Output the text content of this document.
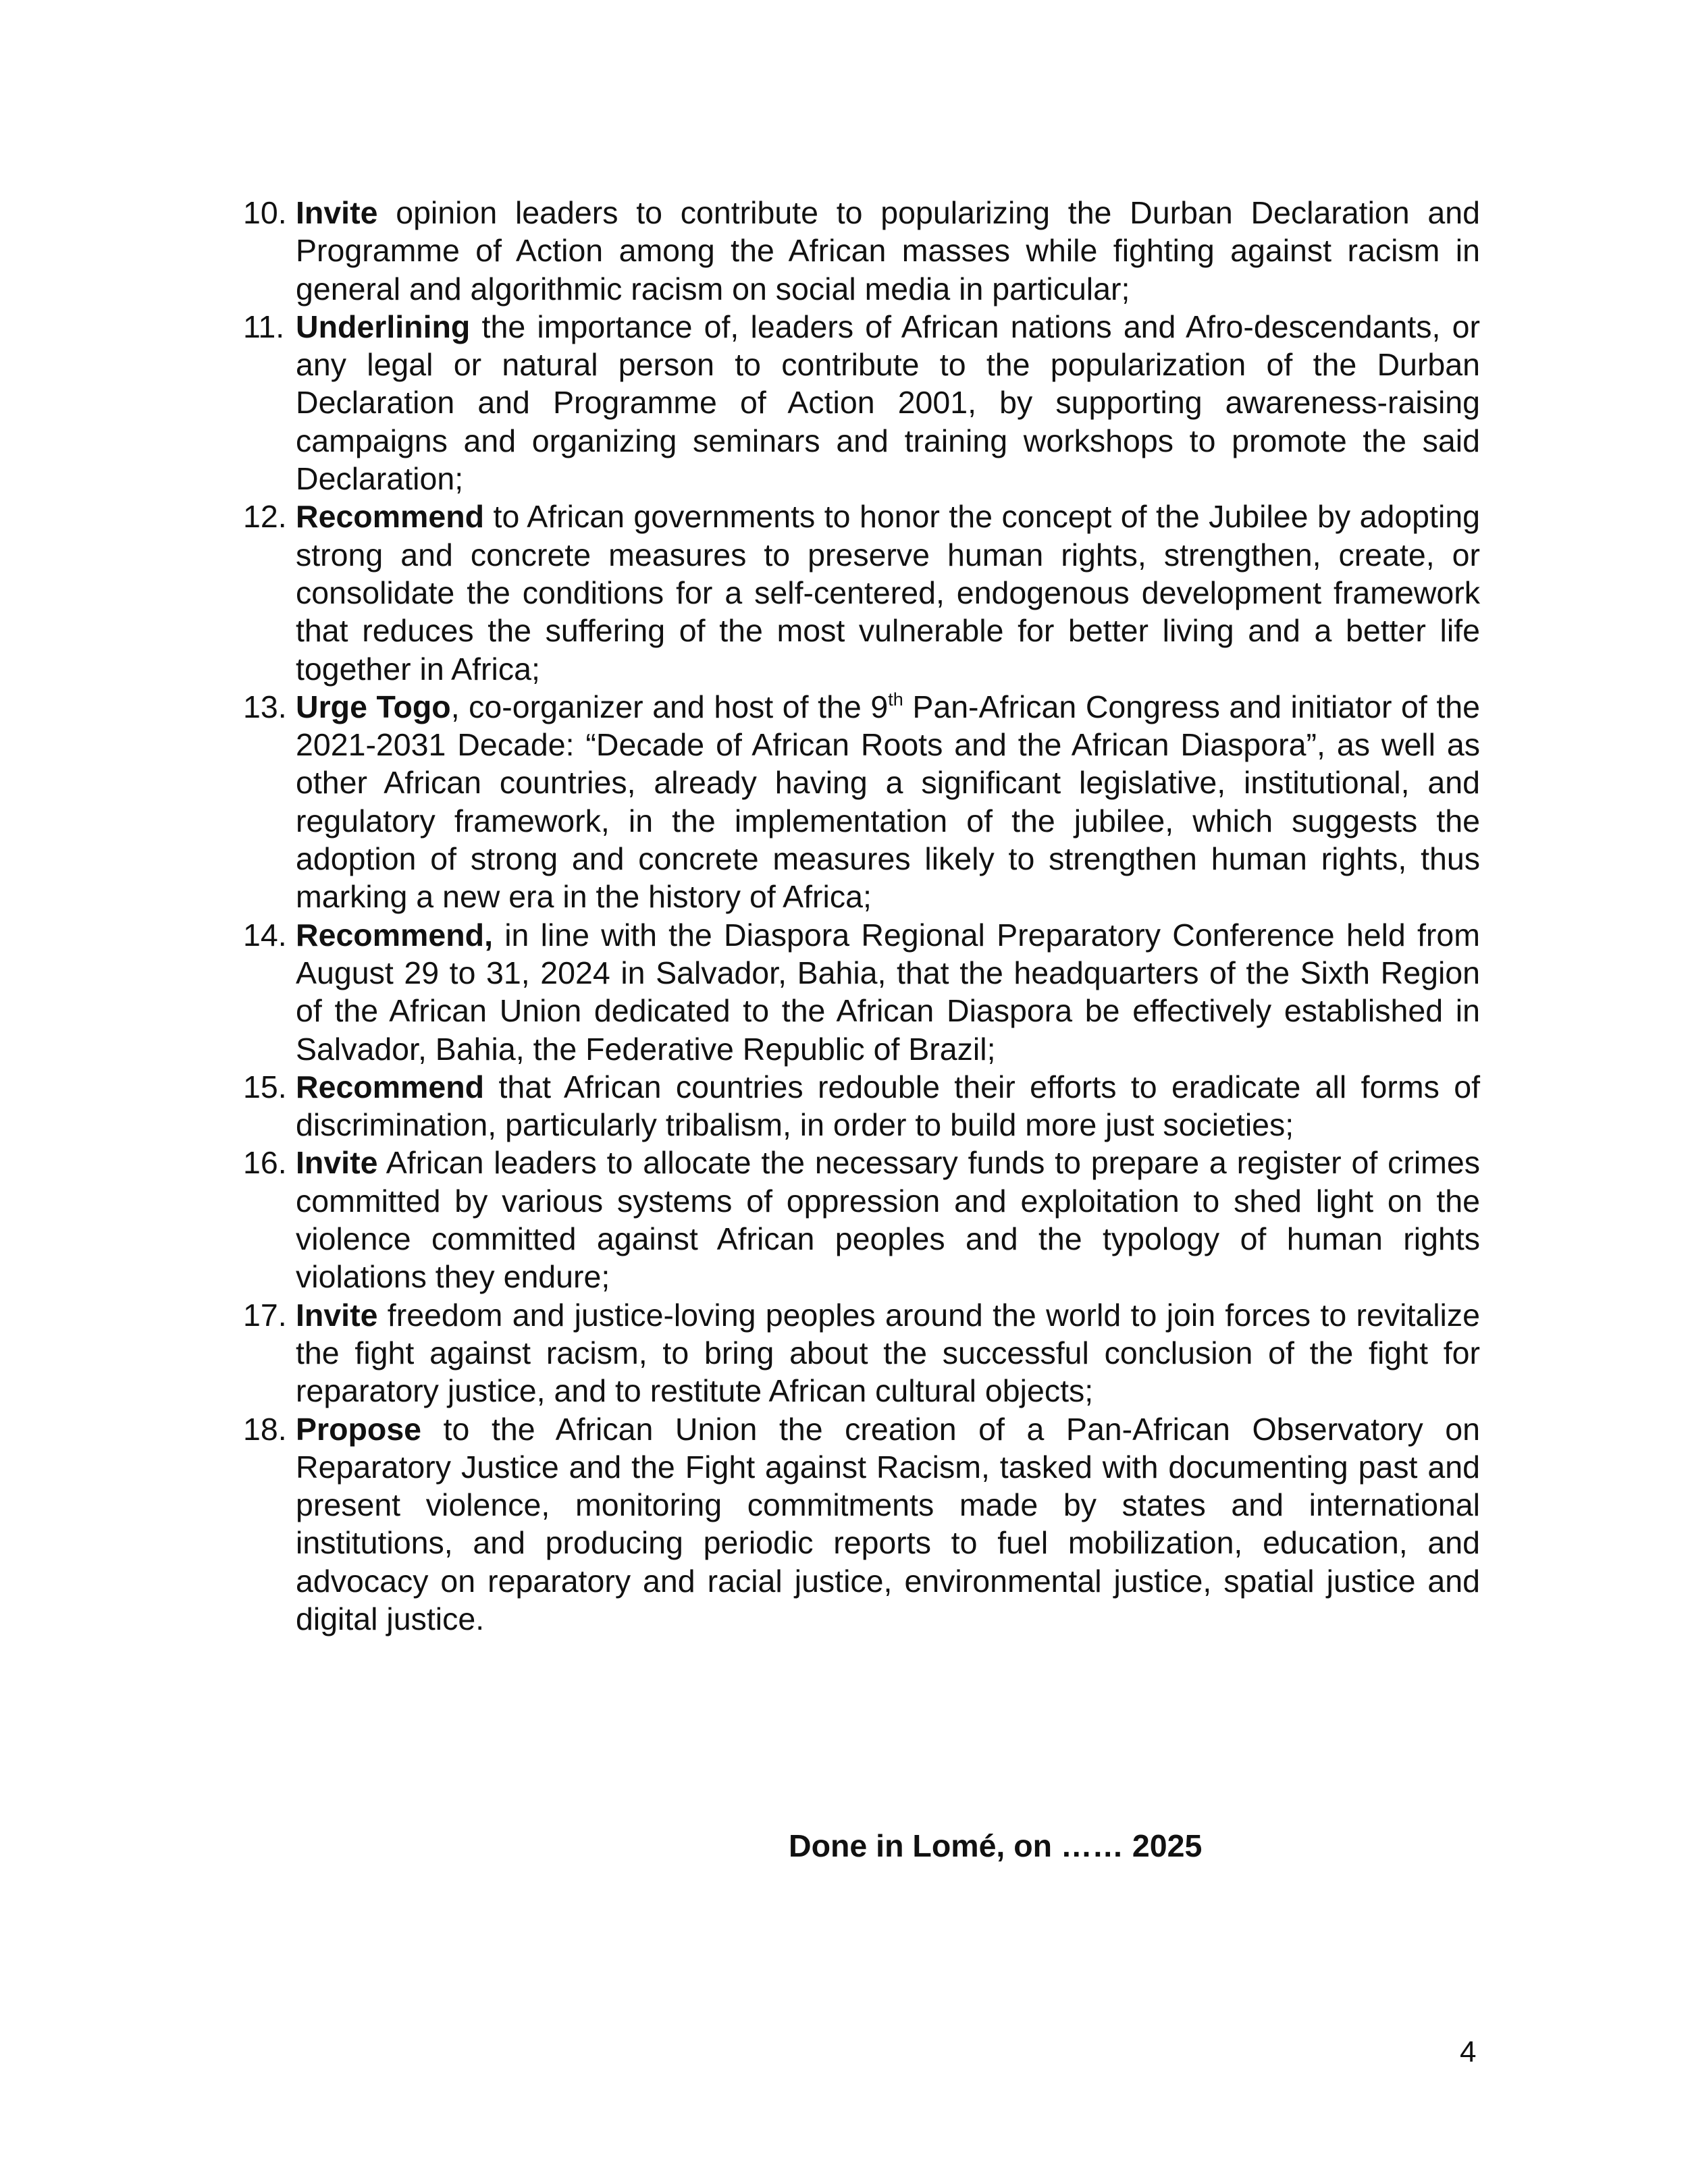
10. Invite opinion leaders to contribute to popularizing the Durban Declaration and Programme of Action among the African masses while fighting against racism in general and algorithmic racism on social media in particular;
11. Underlining the importance of, leaders of African nations and Afro-descendants, or any legal or natural person to contribute to the popularization of the Durban Declaration and Programme of Action 2001, by supporting awareness-raising campaigns and organizing seminars and training workshops to promote the said Declaration;
12. Recommend to African governments to honor the concept of the Jubilee by adopting strong and concrete measures to preserve human rights, strengthen, create, or consolidate the conditions for a self-centered, endogenous development framework that reduces the suffering of the most vulnerable for better living and a better life together in Africa;
13. Urge Togo, co-organizer and host of the 9th Pan-African Congress and initiator of the 2021-2031 Decade: “Decade of African Roots and the African Diaspora”, as well as other African countries, already having a significant legislative, institutional, and regulatory framework, in the implementation of the jubilee, which suggests the adoption of strong and concrete measures likely to strengthen human rights, thus marking a new era in the history of Africa;
14. Recommend, in line with the Diaspora Regional Preparatory Conference held from August 29 to 31, 2024 in Salvador, Bahia, that the headquarters of the Sixth Region of the African Union dedicated to the African Diaspora be effectively established in Salvador, Bahia, the Federative Republic of Brazil;
15. Recommend that African countries redouble their efforts to eradicate all forms of discrimination, particularly tribalism, in order to build more just societies;
16. Invite African leaders to allocate the necessary funds to prepare a register of crimes committed by various systems of oppression and exploitation to shed light on the violence committed against African peoples and the typology of human rights violations they endure;
17. Invite freedom and justice-loving peoples around the world to join forces to revitalize the fight against racism, to bring about the successful conclusion of the fight for reparatory justice, and to restitute African cultural objects;
18. Propose to the African Union the creation of a Pan-African Observatory on Reparatory Justice and the Fight against Racism, tasked with documenting past and present violence, monitoring commitments made by states and international institutions, and producing periodic reports to fuel mobilization, education, and advocacy on reparatory and racial justice, environmental justice, spatial justice and digital justice.
Done in Lomé, on …… 2025
4
